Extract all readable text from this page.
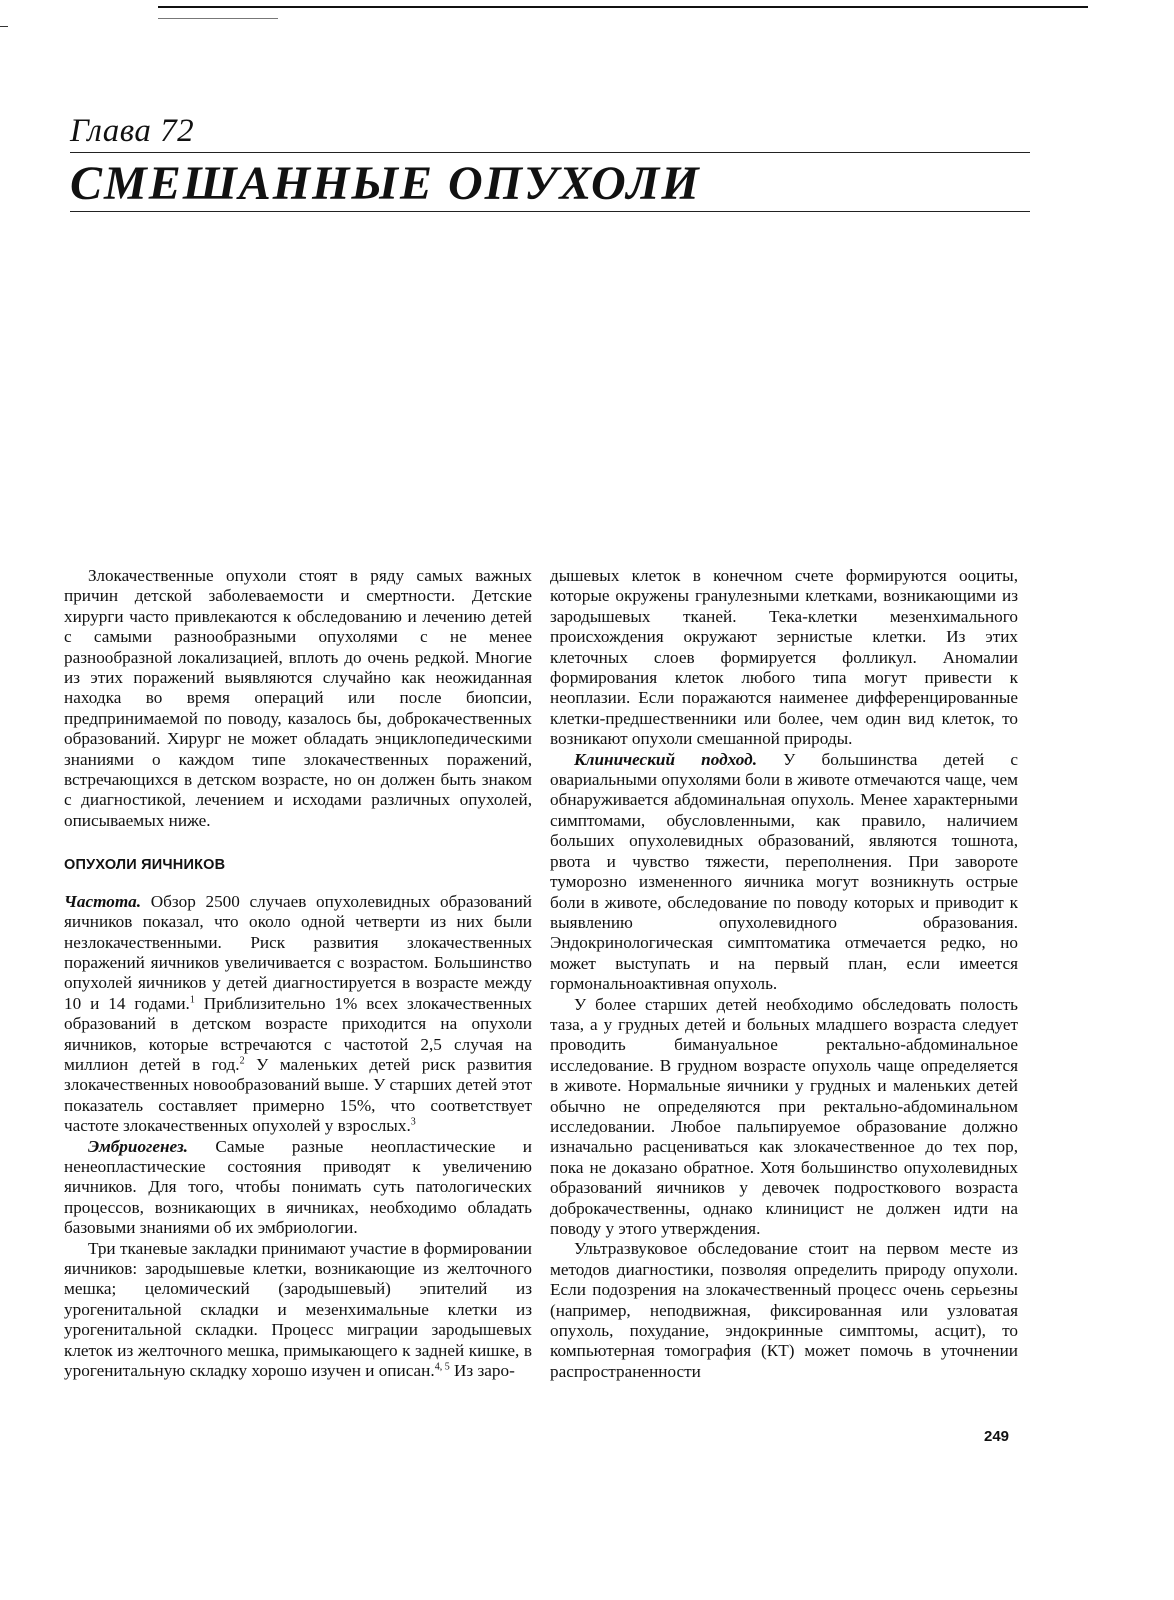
Глава 72
СМЕШАННЫЕ ОПУХОЛИ

Злокачественные опухоли стоят в ряду самых важных причин детской заболеваемости и смертности. Детские хирурги часто привлекаются к обследованию и лечению детей с самыми разнообразными опухолями с не менее разнообразной локализацией, вплоть до очень редкой. Многие из этих поражений выявляются случайно как неожиданная находка во время операций или после биопсии, предпринимаемой по поводу, казалось бы, доброкачественных образований. Хирург не может обладать энциклопедическими знаниями о каждом типе злокачественных поражений, встречающихся в детском возрасте, но он должен быть знаком с диагностикой, лечением и исходами различных опухолей, описываемых ниже.

ОПУХОЛИ ЯИЧНИКОВ

Частота. Обзор 2500 случаев опухолевидных образований яичников показал, что около одной четверти из них были незлокачественными. Риск развития злокачественных поражений яичников увеличивается с возрастом. Большинство опухолей яичников у детей диагностируется в возрасте между 10 и 14 годами.$^1$ Приблизительно 1% всех злокачественных образований в детском возрасте приходится на опухоли яичников, которые встречаются с частотой 2,5 случая на миллион детей в год.$^2$ У маленьких детей риск развития злокачественных новообразований выше. У старших детей этот показатель составляет примерно 15%, что соответствует частоте злокачественных опухолей у взрослых.$^3$

Эмбриогенез. Самые разные неопластические и ненеопластические состояния приводят к увеличению яичников. Для того, чтобы понимать суть патологических процессов, возникающих в яичниках, необходимо обладать базовыми знаниями об их эмбриологии.

Три тканевые закладки принимают участие в формировании яичников: зародышевые клетки, возникающие из желточного мешка; целомический (зародышевый) эпителий из урогенитальной складки и мезенхимальные клетки из урогенитальной складки. Процесс миграции зародышевых клеток из желточного мешка, примыкающего к задней кишке, в урогенитальную складку хорошо изучен и описан.$^{4, 5}$ Из заро-

дышевых клеток в конечном счете формируются ооциты, которые окружены гранулезными клетками, возникающими из зародышевых тканей. Тека-клетки мезенхимального происхождения окружают зернистые клетки. Из этих клеточных слоев формируется фолликул. Аномалии формирования клеток любого типа могут привести к неоплазии. Если поражаются наименее дифференцированные клетки-предшественники или более, чем один вид клеток, то возникают опухоли смешанной природы.

Клинический подход. У большинства детей с овариальными опухолями боли в животе отмечаются чаще, чем обнаруживается абдоминальная опухоль. Менее характерными симптомами, обусловленными, как правило, наличием больших опухолевидных образований, являются тошнота, рвота и чувство тяжести, переполнения. При завороте туморозно измененного яичника могут возникнуть острые боли в животе, обследование по поводу которых и приводит к выявлению опухолевидного образования. Эндокринологическая симптоматика отмечается редко, но может выступать и на первый план, если имеется гормональноактивная опухоль.

У более старших детей необходимо обследовать полость таза, а у грудных детей и больных младшего возраста следует проводить бимануальное ректально-абдоминальное исследование. В грудном возрасте опухоль чаще определяется в животе. Нормальные яичники у грудных и маленьких детей обычно не определяются при ректально-абдоминальном исследовании. Любое пальпируемое образование должно изначально расцениваться как злокачественное до тех пор, пока не доказано обратное. Хотя большинство опухолевидных образований яичников у девочек подросткового возраста доброкачественны, однако клиницист не должен идти на поводу у этого утверждения.

Ультразвуковое обследование стоит на первом месте из методов диагностики, позволяя определить природу опухоли. Если подозрения на злокачественный процесс очень серьезны (например, неподвижная, фиксированная или узловатая опухоль, похудание, эндокринные симптомы, асцит), то компьютерная томография (КТ) может помочь в уточнении распространенности

249
